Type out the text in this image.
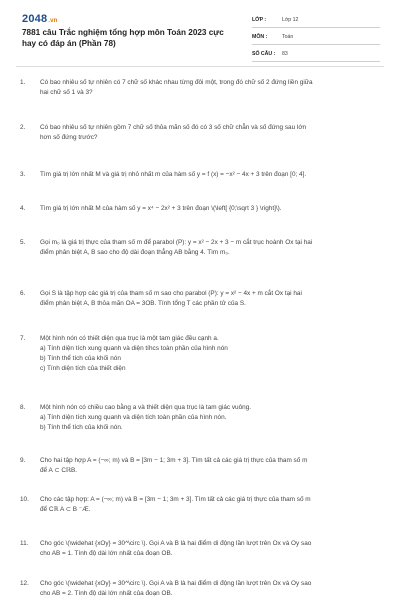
2048.vn
7881 câu Trắc nghiệm tổng hợp môn Toán 2023 cực hay có đáp án (Phần 78)
LỚP :	Lớp 12
MÔN :	Toán
SỐ CÂU :	83
1.	Có bao nhiêu số tự nhiên có 7 chữ số khác nhau từng đôi một, trong đó chữ số 2 đứng liền giữa
hai chữ số 1 và 3?
2.	Có bao nhiêu số tự nhiên gồm 7 chữ số thỏa mãn số đó có 3 số chữ chẵn và số đứng sau lớn
hơn số đứng trước?
3.	Tìm giá trị lớn nhất M và giá trị nhỏ nhất m của hàm số y = f (x) = −x² − 4x + 3 trên đoạn [0; 4].
4.	Tìm giá trị lớn nhất M của hàm số y = x⁴ − 2x² + 3 trên đoạn \(\left[ {0;\sqrt 3 } \right]\).
5.	Gọi m₀ là giá trị thực của tham số m để parabol (P): y = x² − 2x + 3 − m cắt trục hoành Ox tại hai
điểm phân biệt A, B sao cho độ dài đoạn thẳng AB bằng 4. Tìm m₀.
6.	Gọi S là tập hợp các giá trị của tham số m sao cho parabol (P): y = x² − 4x + m cắt Ox tại hai
điểm phân biệt A, B thỏa mãn OA = 3OB. Tính tổng T các phần tử của S.
7.	Một hình nón có thiết diện qua trục là một tam giác đều cạnh a.
a) Tính diện tích xung quanh và diện tíhcs toàn phần của hình nón
b) Tính thể tích của khối nón
c) Tính diện tích của thiết diện
8.	Một hình nón có chiều cao bằng a và thiết diện qua trục là tam giác vuông.
a) Tính diện tích xung quanh và diện tích toàn phần của hình nón.
b) Tính thể tích của khối nón.
9.	Cho hai tập hợp A = (−∞; m) và B = [3m − 1; 3m + 3]. Tìm tất cả các giá trị thực của tham số m
để A ⊂ CℝB.
10.	Cho các tập hợp: A = (−∞; m) và B = [3m − 1; 3m + 3]. Tìm tất cả các giá trị thực của tham số m
để Cℝ A ⊂ B ⁻Æ.
11.	Cho góc \(\widehat {xOy} = 30^\circ \). Gọi A và B là hai điểm di động lần lượt trên Ox và Oy sao
cho AB = 1. Tính độ dài lớn nhất của đoạn OB.
12.	Cho góc \(\widehat {xOy} = 30^\circ \). Gọi A và B là hai điểm di động lần lượt trên Ox và Oy sao
cho AB = 2. Tính độ dài lớn nhất của đoạn OB.
